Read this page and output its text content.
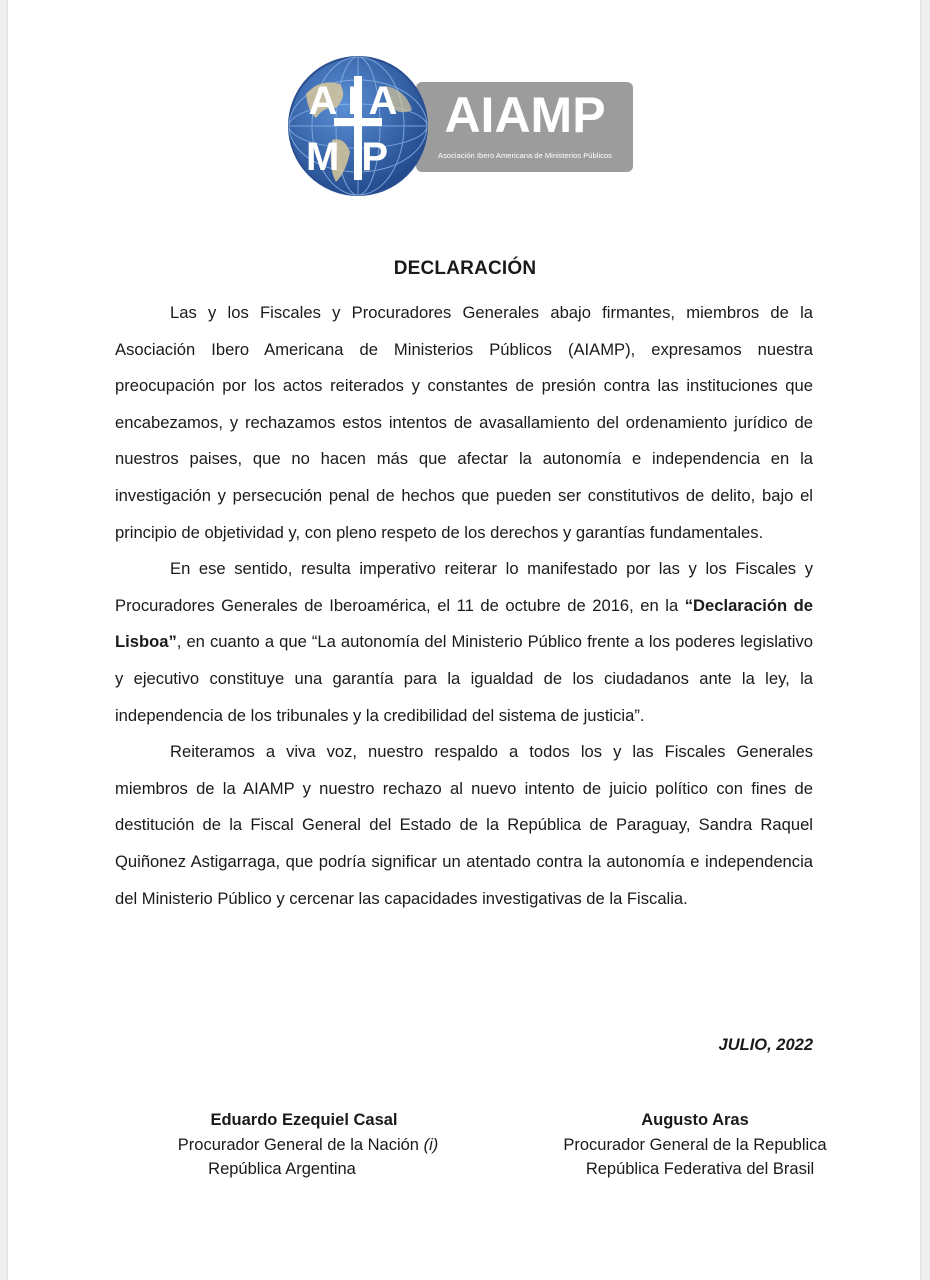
AIA
MP
AIAMP
Asociación Ibero Americana de Ministerios Públicos
DECLARACIÓN

Las y los Fiscales y Procuradores Generales abajo firmantes, miembros de la Asociación Ibero Americana de Ministerios Públicos (AIAMP), expresamos nuestra preocupación por los actos reiterados y constantes de presión contra las instituciones que encabezamos, y rechazamos estos intentos de avasallamiento del ordenamiento jurídico de nuestros paises, que no hacen más que afectar la autonomía e independencia en la investigación y persecución penal de hechos que pueden ser constitutivos de delito, bajo el principio de objetividad y, con pleno respeto de los derechos y garantías fundamentales.

En ese sentido, resulta imperativo reiterar lo manifestado por las y los Fiscales y Procuradores Generales de Iberoamérica, el 11 de octubre de 2016, en la “Declaración de Lisboa”, en cuanto a que “La autonomía del Ministerio Público frente a los poderes legislativo y ejecutivo constituye una garantía para la igualdad de los ciudadanos ante la ley, la independencia de los tribunales y la credibilidad del sistema de justicia”.

Reiteramos a viva voz, nuestro respaldo a todos los y las Fiscales Generales miembros de la AIAMP y nuestro rechazo al nuevo intento de juicio político con fines de destitución de la Fiscal General del Estado de la República de Paraguay, Sandra Raquel Quiñonez Astigarraga, que podría significar un atentado contra la autonomía e independencia del Ministerio Público y cercenar las capacidades investigativas de la Fiscalia.

JULIO, 2022
Eduardo Ezequiel Casal
Procurador General de la Nación (i)
República Argentina
Augusto Aras
Procurador General de la Republica
República Federativa del Brasil
